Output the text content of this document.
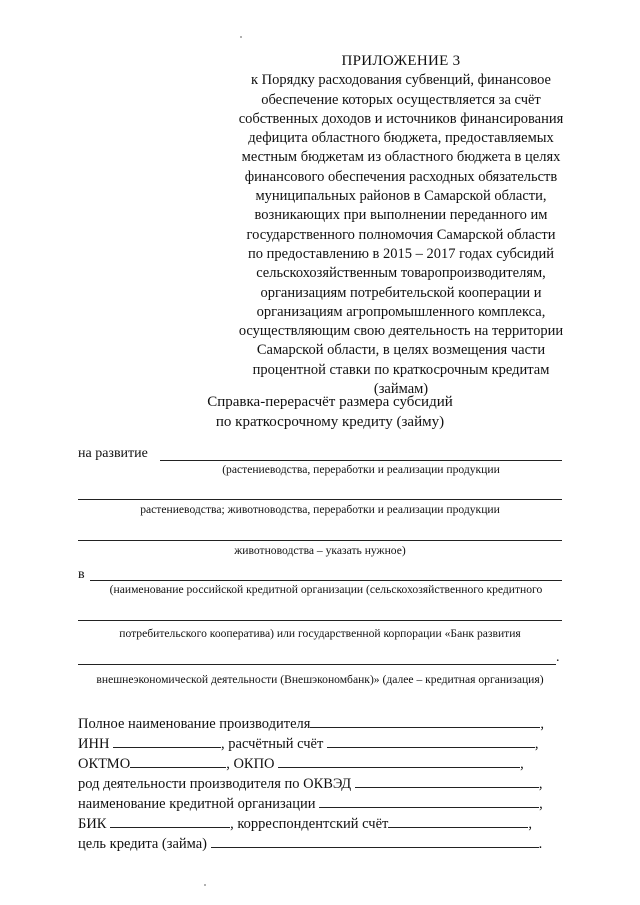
ПРИЛОЖЕНИЕ 3
к Порядку расходования субвенций, финансовое
обеспечение которых осуществляется за счёт
собственных доходов и источников финансирования
дефицита областного бюджета, предоставляемых
местным бюджетам из областного бюджета в целях
финансового обеспечения расходных обязательств
муниципальных районов в Самарской области,
возникающих при выполнении переданного им
государственного полномочия Самарской области
по предоставлению в 2015 – 2017 годах субсидий
сельскохозяйственным товаропроизводителям,
организациям потребительской кооперации и
организациям агропромышленного комплекса,
осуществляющим свою деятельность на территории
Самарской области, в целях возмещения части
процентной ставки по краткосрочным кредитам
(займам)
Справка-перерасчёт размера субсидий
по краткосрочному кредиту (займу)
на развитие
(растениеводства, переработки и реализации продукции
растениеводства; животноводства, переработки и реализации продукции
животноводства – указать нужное)
в
(наименование российской кредитной организации (сельскохозяйственного кредитного
потребительского кооператива) или государственной корпорации «Банк развития
.
внешнеэкономической деятельности (Внешэкономбанк)» (далее – кредитная организация)
Полное наименование производителя	,
ИНН	, расчётный счёт	,
ОКТМО	, ОКПО	,
род деятельности производителя по ОКВЭД	,
наименование кредитной организации	,
БИК	, корреспондентский счёт	,
цель кредита (займа)	.
